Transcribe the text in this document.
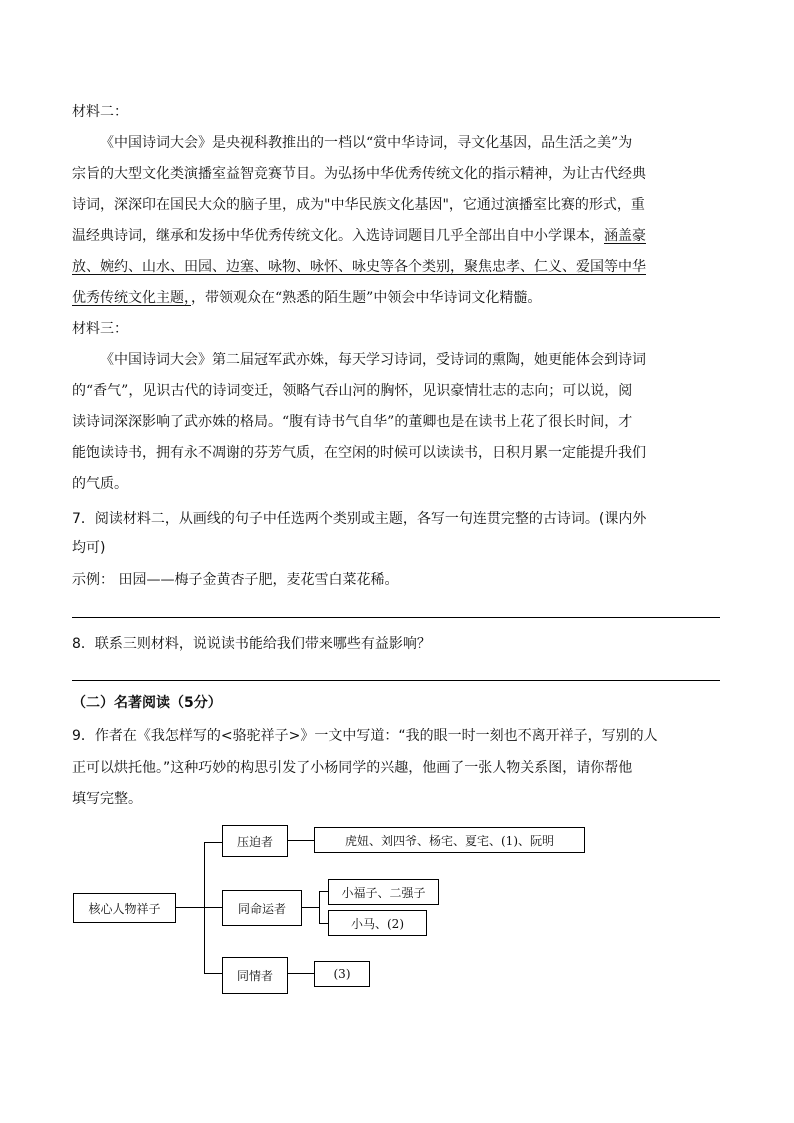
材料二：
《中国诗词大会》是央视科教推出的一档以“赏中华诗词，寻文化基因，品生活之美”为
宗旨的大型文化类演播室益智竞赛节目。为弘扬中华优秀传统文化的指示精神，为让古代经典
诗词，深深印在国民大众的脑子里，成为"中华民族文化基因"，它通过演播室比赛的形式，重
温经典诗词，继承和发扬中华优秀传统文化。入选诗词题目几乎全部出自中小学课本，涵盖豪
放、婉约、山水、田园、边塞、咏物、咏怀、咏史等各个类别，聚焦忠孝、仁义、爱国等中华
优秀传统文化主题，，带领观众在“熟悉的陌生题”中领会中华诗词文化精髓。
材料三：
《中国诗词大会》第二届冠军武亦姝，每天学习诗词，受诗词的熏陶，她更能体会到诗词
的“香气”，见识古代的诗词变迁，领略气吞山河的胸怀，见识豪情壮志的志向；可以说，阅
读诗词深深影响了武亦姝的格局。“腹有诗书气自华”的董卿也是在读书上花了很长时间，才
能饱读诗书，拥有永不凋谢的芬芳气质，在空闲的时候可以读读书，日积月累一定能提升我们
的气质。
7．阅读材料二，从画线的句子中任选两个类别或主题，各写一句连贯完整的古诗词。(课内外
均可)
示例： 田园——梅子金黄杏子肥，麦花雪白菜花稀。
8．联系三则材料，说说读书能给我们带来哪些有益影响？
（二）名著阅读（5分）
9．作者在《我怎样写的<骆驼祥子>》一文中写道：“我的眼一时一刻也不离开祥子，写别的人
正可以烘托他。”这种巧妙的构思引发了小杨同学的兴趣，他画了一张人物关系图，请你帮他
填写完整。
核心人物祥子
压迫者	虎妞、刘四爷、杨宅、夏宅、(1)、阮明
同命运者
小福子、二强子
小马、(2)
同情者	(3)
